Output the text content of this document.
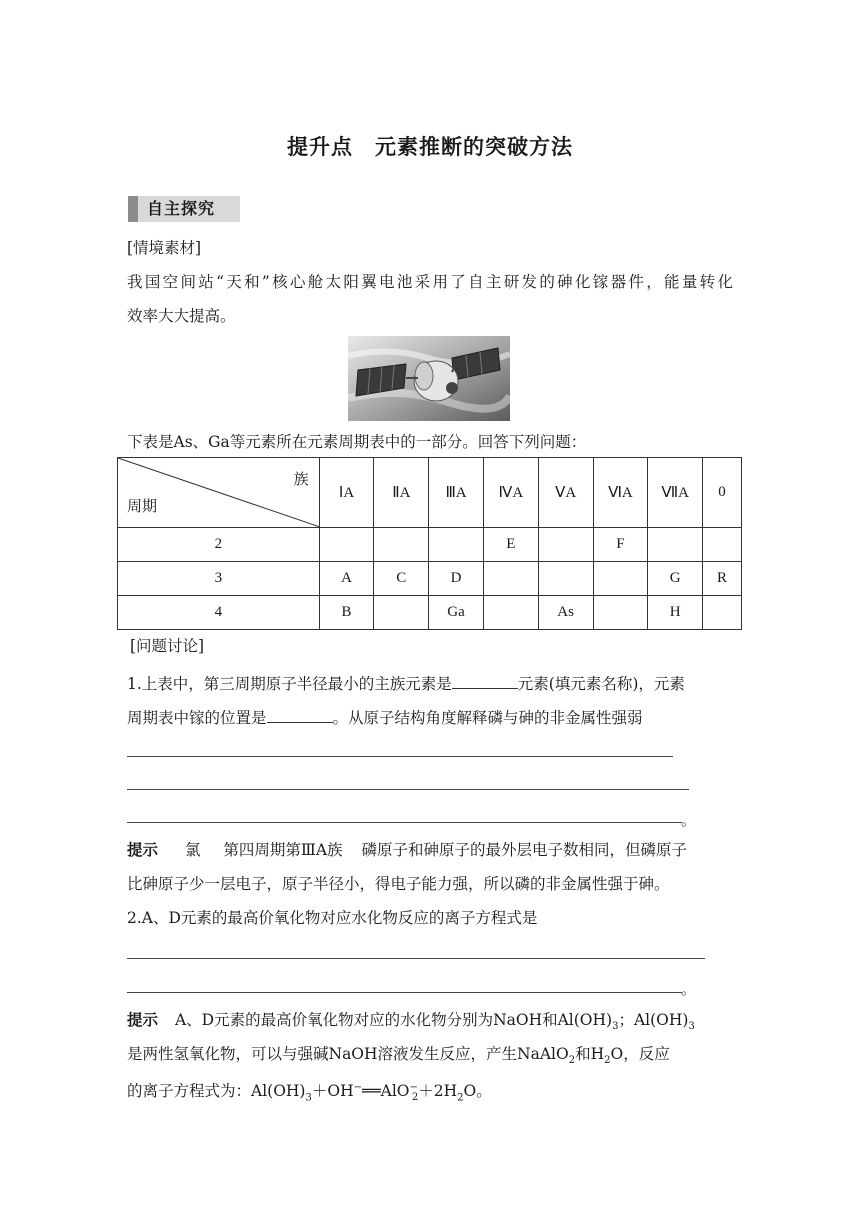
提升点 元素推断的突破方法
自主探究
[情境素材]
我国空间站“天和”核心舱太阳翼电池采用了自主研发的砷化镓器件，能量转化
效率大大提高。
下表是As、Ga等元素所在元素周期表中的一部分。回答下列问题：
族
周期	ⅠA	ⅡA	ⅢA	ⅣA	ⅤA	ⅥA	ⅦA	0
2				E		F		
3	A	C	D				G	R
4	B		Ga		As		H	
[问题讨论]
1.上表中，第三周期原子半径最小的主族元素是	元素(填元素名称)，元素
周期表中镓的位置是	。从原子结构角度解释磷与砷的非金属性强弱
。
提示 氯 第四周期第ⅢA族 磷原子和砷原子的最外层电子数相同，但磷原子
比砷原子少一层电子，原子半径小，得电子能力强，所以磷的非金属性强于砷。
2.A、D元素的最高价氧化物对应水化物反应的离子方程式是
。
提示 A、D元素的最高价氧化物对应的水化物分别为NaOH和$Al(OH)_3$；$Al(OH)_3$
是两性氢氧化物，可以与强碱NaOH溶液发生反应，产生NaAlO$_2$和$H_2O$，反应
的离子方程式为：$Al(OH)_3+OH^-══AlO^-_2+2H_2O$。
